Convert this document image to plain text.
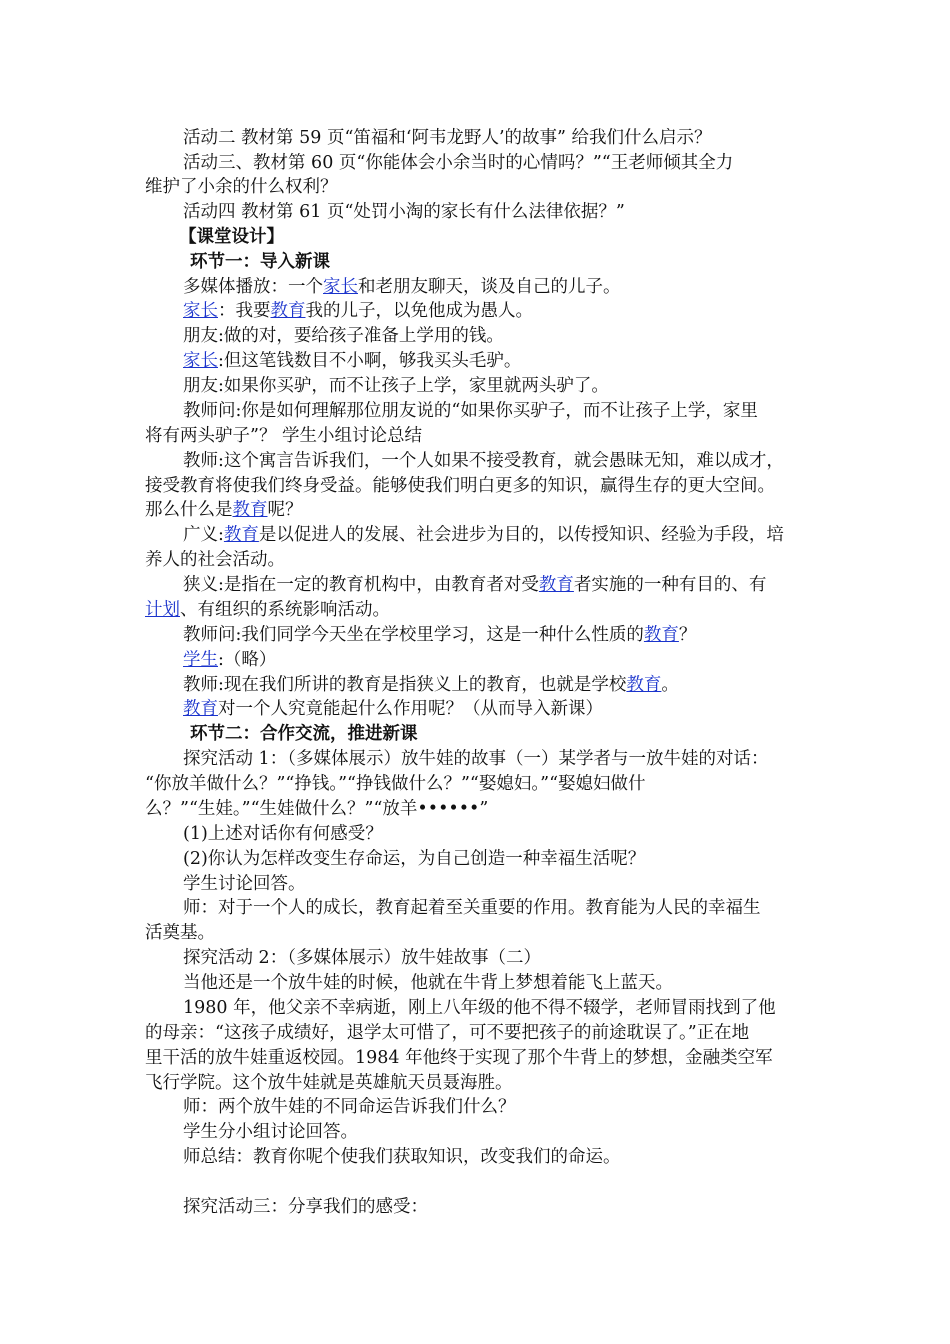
活动二 教材第 59 页“笛福和‘阿韦龙野人’的故事” 给我们什么启示？
活动三、教材第 60 页“你能体会小余当时的心情吗？”“王老师倾其全力
维护了小余的什么权利？
活动四 教材第 61 页“处罚小淘的家长有什么法律依据？”
【课堂设计】
环节一：导入新课
多媒体播放：一个家长和老朋友聊天，谈及自己的儿子。
家长：我要教育我的儿子，以免他成为愚人。
朋友:做的对，要给孩子准备上学用的钱。
家长:但这笔钱数目不小啊，够我买头毛驴。
朋友:如果你买驴，而不让孩子上学，家里就两头驴了。
教师问:你是如何理解那位朋友说的“如果你买驴子，而不让孩子上学，家里
将有两头驴子”？ 学生小组讨论总结
教师:这个寓言告诉我们，一个人如果不接受教育，就会愚昧无知，难以成才，
接受教育将使我们终身受益。能够使我们明白更多的知识，赢得生存的更大空间。
那么什么是教育呢？
广义:教育是以促进人的发展、社会进步为目的，以传授知识、经验为手段，培
养人的社会活动。
狭义:是指在一定的教育机构中，由教育者对受教育者实施的一种有目的、有
计划、有组织的系统影响活动。
教师问:我们同学今天坐在学校里学习，这是一种什么性质的教育？
学生:（略）
教师:现在我们所讲的教育是指狭义上的教育，也就是学校教育。
教育对一个人究竟能起什么作用呢？（从而导入新课）
环节二：合作交流，推进新课
探究活动 1：（多媒体展示）放牛娃的故事（一）某学者与一放牛娃的对话：
“你放羊做什么？”“挣钱。”“挣钱做什么？”“娶媳妇。”“娶媳妇做什
么？”“生娃。”“生娃做什么？”“放羊••••••”
(1)上述对话你有何感受？
(2)你认为怎样改变生存命运，为自己创造一种幸福生活呢？
学生讨论回答。
师：对于一个人的成长，教育起着至关重要的作用。教育能为人民的幸福生
活奠基。
探究活动 2：（多媒体展示）放牛娃故事（二）
当他还是一个放牛娃的时候，他就在牛背上梦想着能飞上蓝天。
1980 年，他父亲不幸病逝，刚上八年级的他不得不辍学，老师冒雨找到了他
的母亲：“这孩子成绩好，退学太可惜了，可不要把孩子的前途耽误了。”正在地
里干活的放牛娃重返校园。1984 年他终于实现了那个牛背上的梦想，金融类空军
飞行学院。这个放牛娃就是英雄航天员聂海胜。
师：两个放牛娃的不同命运告诉我们什么？
学生分小组讨论回答。
师总结：教育你呢个使我们获取知识，改变我们的命运。
探究活动三：分享我们的感受：
